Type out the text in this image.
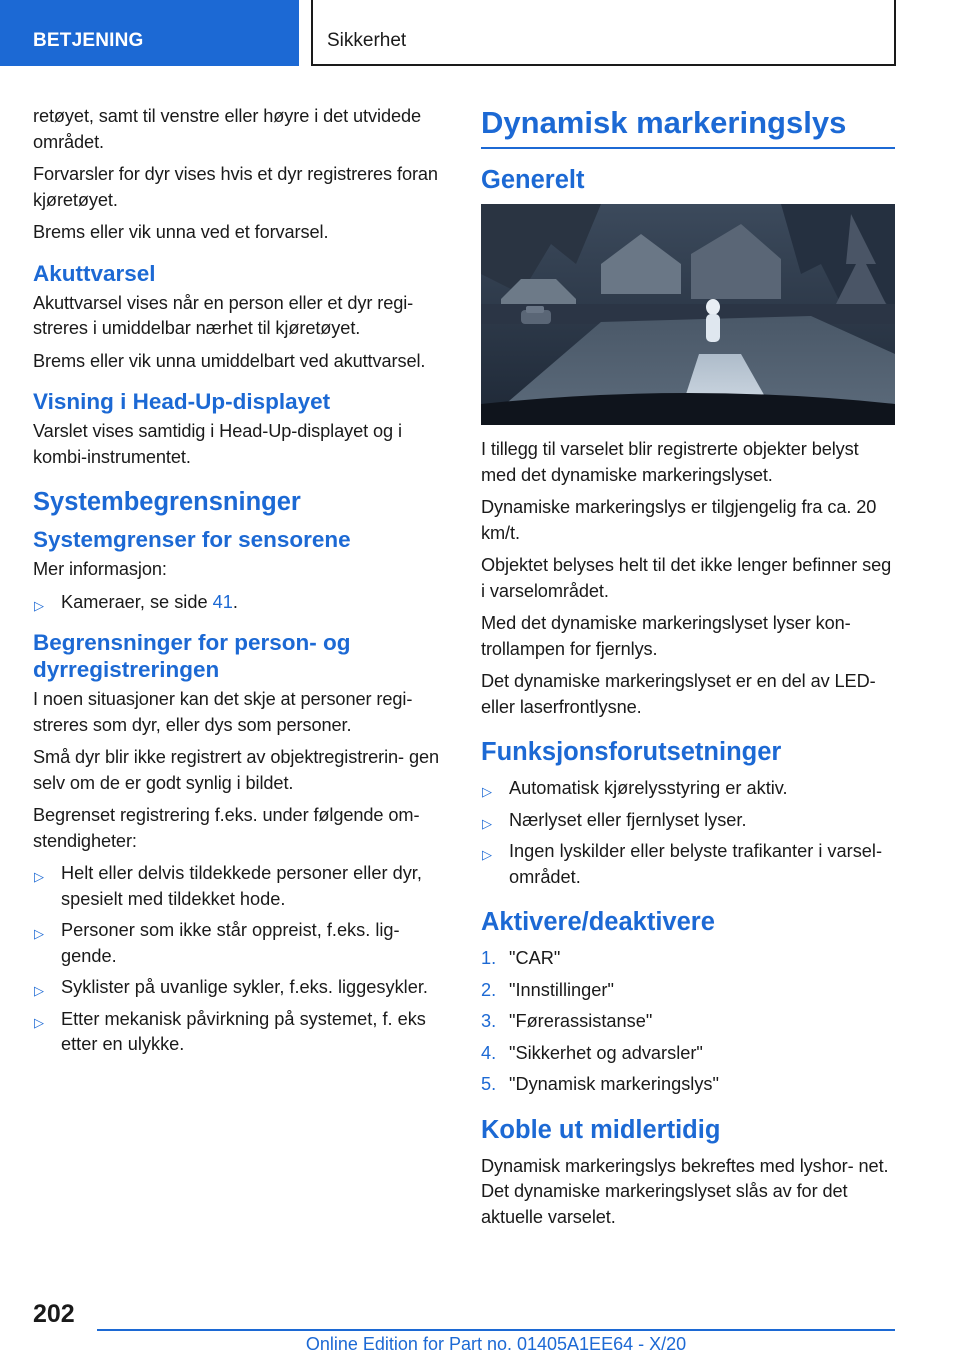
BETJENING	Sikkerhet

retøyet, samt til venstre eller høyre i det utvidede området.

Forvarsler for dyr vises hvis et dyr registreres foran kjøretøyet.

Brems eller vik unna ved et forvarsel.

Akuttvarsel

Akuttvarsel vises når en person eller et dyr regi‐ streres i umiddelbar nærhet til kjøretøyet.

Brems eller vik unna umiddelbart ved akuttvarsel.

Visning i Head-Up-displayet

Varslet vises samtidig i Head-Up-displayet og i kombi-instrumentet.

Systembegrensninger
Systemgrenser for sensorene

Mer informasjon:

▷ Kameraer, se side 41.
Begrensninger for person- og dyrregistreringen

I noen situasjoner kan det skje at personer regi‐ streres som dyr, eller dys som personer.

Små dyr blir ikke registrert av objektregistrerin‐ gen selv om de er godt synlig i bildet.

Begrenset registrering f.eks. under følgende om‐ stendigheter:

▷ Helt eller delvis tildekkede personer eller dyr, spesielt med tildekket hode.
▷ Personer som ikke står oppreist, f.eks. lig‐ gende.
▷ Syklister på uvanlige sykler, f.eks. liggesykler.
▷ Etter mekanisk påvirkning på systemet, f. eks etter en ulykke.
Dynamisk markeringslys
Generelt

I tillegg til varselet blir registrerte objekter belyst med det dynamiske markeringslyset.

Dynamiske markeringslys er tilgjengelig fra ca. 20 km/t.

Objektet belyses helt til det ikke lenger befinner seg i varselområdet.

Med det dynamiske markeringslyset lyser kon‐ trollampen for fjernlys.

Det dynamiske markeringslyset er en del av LED- eller laserfrontlysne.

Funksjonsforutsetninger
▷ Automatisk kjørelysstyring er aktiv.
▷ Nærlyset eller fjernlyset lyser.
▷ Ingen lyskilder eller belyste trafikanter i varsel‐ området.
Aktivere/deaktivere
1. "CAR"
2. "Innstillinger"
3. "Førerassistanse"
4. "Sikkerhet og advarsler"
5. "Dynamisk markeringslys"
Koble ut midlertidig

Dynamisk markeringslys bekreftes med lyshor‐ net. Det dynamiske markeringslyset slås av for det aktuelle varselet.

202
Online Edition for Part no. 01405A1EE64 - X/20
